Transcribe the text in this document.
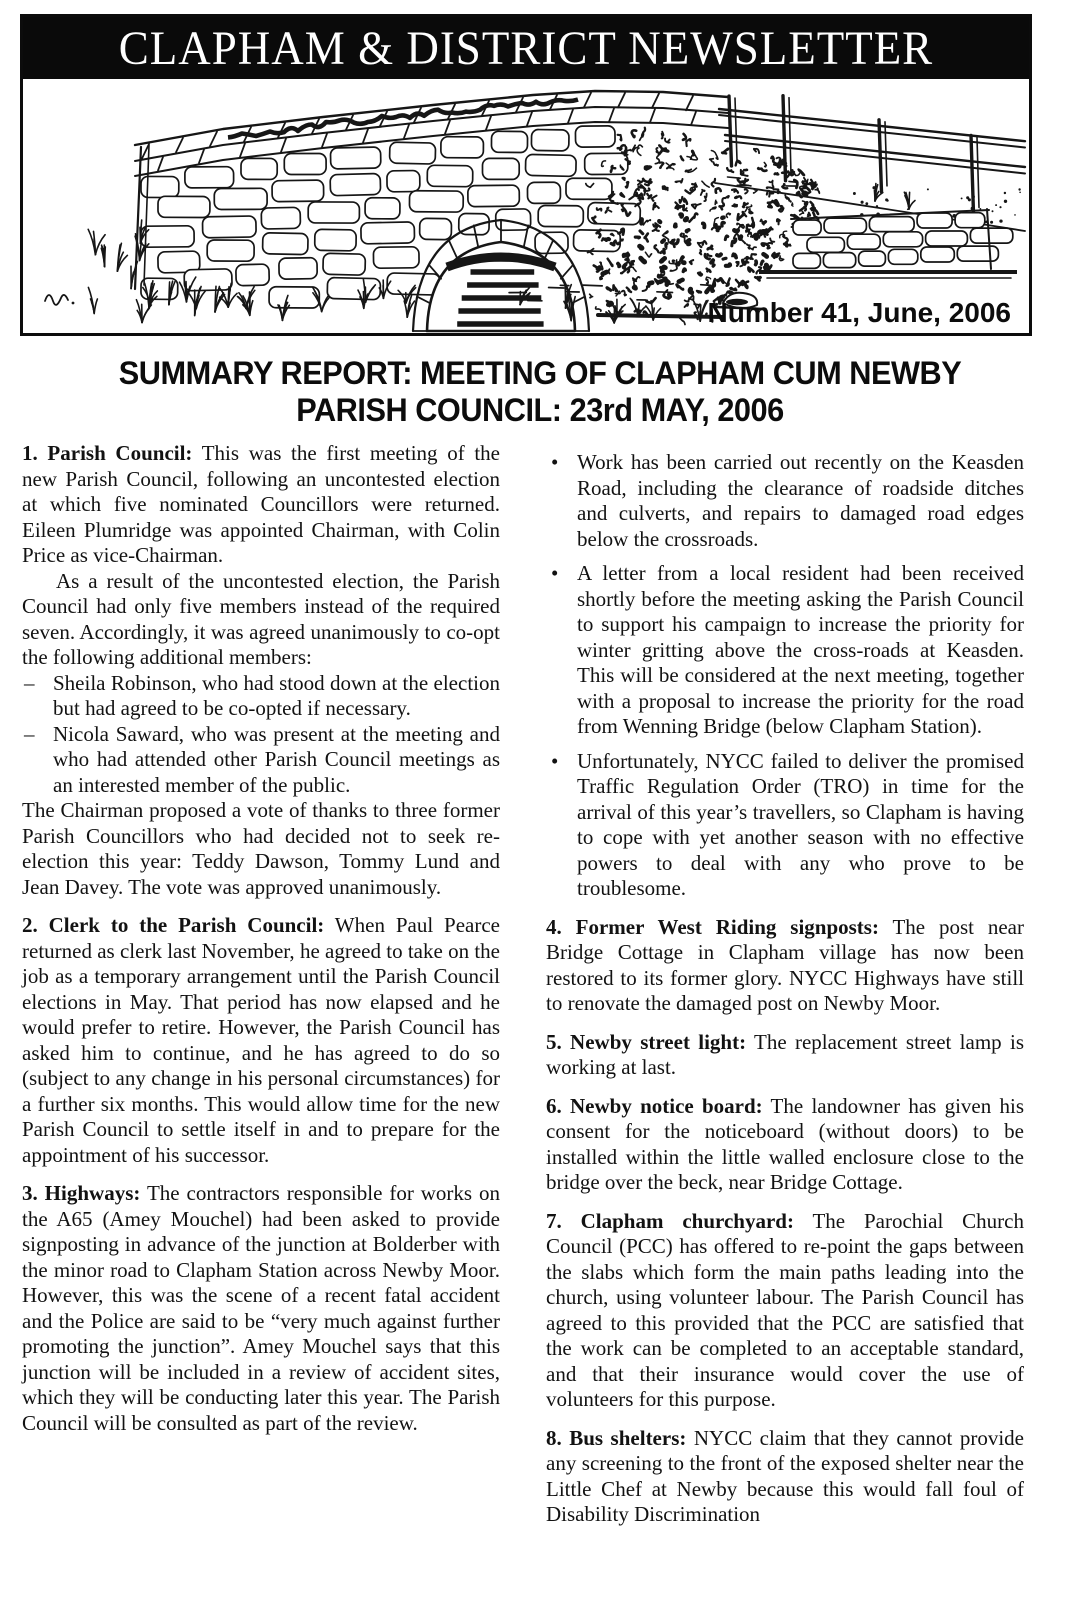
CLAPHAM & DISTRICT NEWSLETTER
Number 41, June, 2006
SUMMARY REPORT: MEETING OF CLAPHAM CUM NEWBY
PARISH COUNCIL: 23rd MAY, 2006

1. Parish Council: This was the first meeting of the new Parish Council, following an uncontested election at which five nominated Councillors were returned. Eileen Plumridge was appointed Chairman, with Colin Price as vice-Chairman.

As a result of the uncontested election, the Parish Council had only five members instead of the required seven. Accordingly, it was agreed unanimously to co-opt the following additional members:

– Sheila Robinson, who had stood down at the election but had agreed to be co-opted if necessary.
– Nicola Saward, who was present at the meeting and who had attended other Parish Council meetings as an interested member of the public.

The Chairman proposed a vote of thanks to three former Parish Councillors who had decided not to seek re-election this year: Teddy Dawson, Tommy Lund and Jean Davey. The vote was approved unanimously.

2. Clerk to the Parish Council: When Paul Pearce returned as clerk last November, he agreed to take on the job as a temporary arrangement until the Parish Council elections in May. That period has now elapsed and he would prefer to retire. However, the Parish Council has asked him to continue, and he has agreed to do so (subject to any change in his personal circumstances) for a further six months. This would allow time for the new Parish Council to settle itself in and to prepare for the appointment of his successor.

3. Highways: The contractors responsible for works on the A65 (Amey Mouchel) had been asked to provide signposting in advance of the junction at Bolderber with the minor road to Clapham Station across Newby Moor. However, this was the scene of a recent fatal accident and the Police are said to be “very much against further promoting the junction”. Amey Mouchel says that this junction will be included in a review of accident sites, which they will be conducting later this year. The Parish Council will be consulted as part of the review.

• Work has been carried out recently on the Keasden Road, including the clearance of roadside ditches and culverts, and repairs to damaged road edges below the crossroads.
• A letter from a local resident had been received shortly before the meeting asking the Parish Council to support his campaign to increase the priority for winter gritting above the cross-roads at Keasden. This will be considered at the next meeting, together with a proposal to increase the priority for the road from Wenning Bridge (below Clapham Station).
• Unfortunately, NYCC failed to deliver the promised Traffic Regulation Order (TRO) in time for the arrival of this year’s travellers, so Clapham is having to cope with yet another season with no effective powers to deal with any who prove to be troublesome.

4. Former West Riding signposts: The post near Bridge Cottage in Clapham village has now been restored to its former glory. NYCC Highways have still to renovate the damaged post on Newby Moor.

5. Newby street light: The replacement street lamp is working at last.

6. Newby notice board: The landowner has given his consent for the noticeboard (without doors) to be installed within the little walled enclosure close to the bridge over the beck, near Bridge Cottage.

7. Clapham churchyard: The Parochial Church Council (PCC) has offered to re-point the gaps between the slabs which form the main paths leading into the church, using volunteer labour. The Parish Council has agreed to this provided that the PCC are satisfied that the work can be completed to an acceptable standard, and that their insurance would cover the use of volunteers for this purpose.

8. Bus shelters: NYCC claim that they cannot provide any screening to the front of the exposed shelter near the Little Chef at Newby because this would fall foul of Disability Discrimination
